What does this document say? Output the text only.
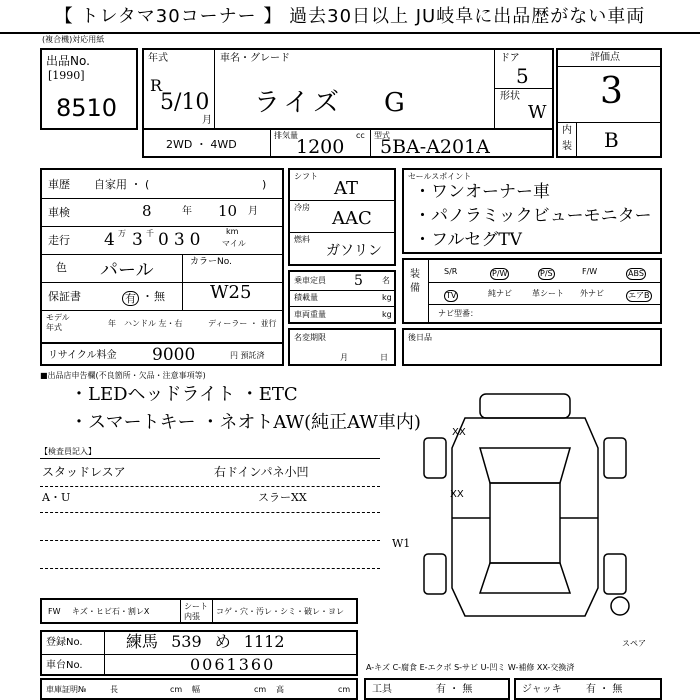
【 トレタマ30コーナー 】 過去30日以上 JU岐阜に出品歴がない車両
(複合機)対応用紙
出品No.
[1990]
8510
年式
R
5/10
月
車名・グレード
ライズ G
ドア
5
形状
W
2WD ・ 4WD
排気量	cc
1200
型式
5BA-A201A
評価点
3
内
装 B
車歴 自家用 ・ (	)
車検	8	年 10 月
走行 4 万 3 千 030	km
マイル
色 パール	カラーNo.
W25
保証書	有 ・ 無
モデル
年式	年 ハンドル 左・右	ディーラー ・ 並行
リサイクル料金 9000	円 預託済
シフト
AT
冷房
AAC
燃料
ガソリン
乗車定員 5 名
積載量	kg
車両重量	kg
名変期限
月	日
セールスポイント
・ワンオーナー車
・パノラミックビューモニター
・フルセグTV
装
備
S/R	P/W	P/S	F/W	ABS
TV	純ナビ	革シート 外ナビ	エアB
ナビ型番：
後日品
■出品店申告欄(不良箇所・欠品・注意事項等)
・LEDヘッドライト ・ETC
・スマートキー ・ネオトAW(純正AW車内)
【検査員記入】
スタッドレスア	右ドインパネ小凹
A・U	スラーXX
XX
XX
W1
スペア
FW キズ・ヒビ石・割レX
シート
内張
コゲ・穴・汚レ・シミ・破レ・ヨレ
登録No.	練馬 539 め 1112
車台No.	0061360	A-キズ C-腐食 E-エクボ S-サビ U-凹ミ W-補修 XX-交換済
車庫証明№	長	cm 幅	cm 高	cm 工具	有 ・ 無	ジャッキ 有 ・ 無
